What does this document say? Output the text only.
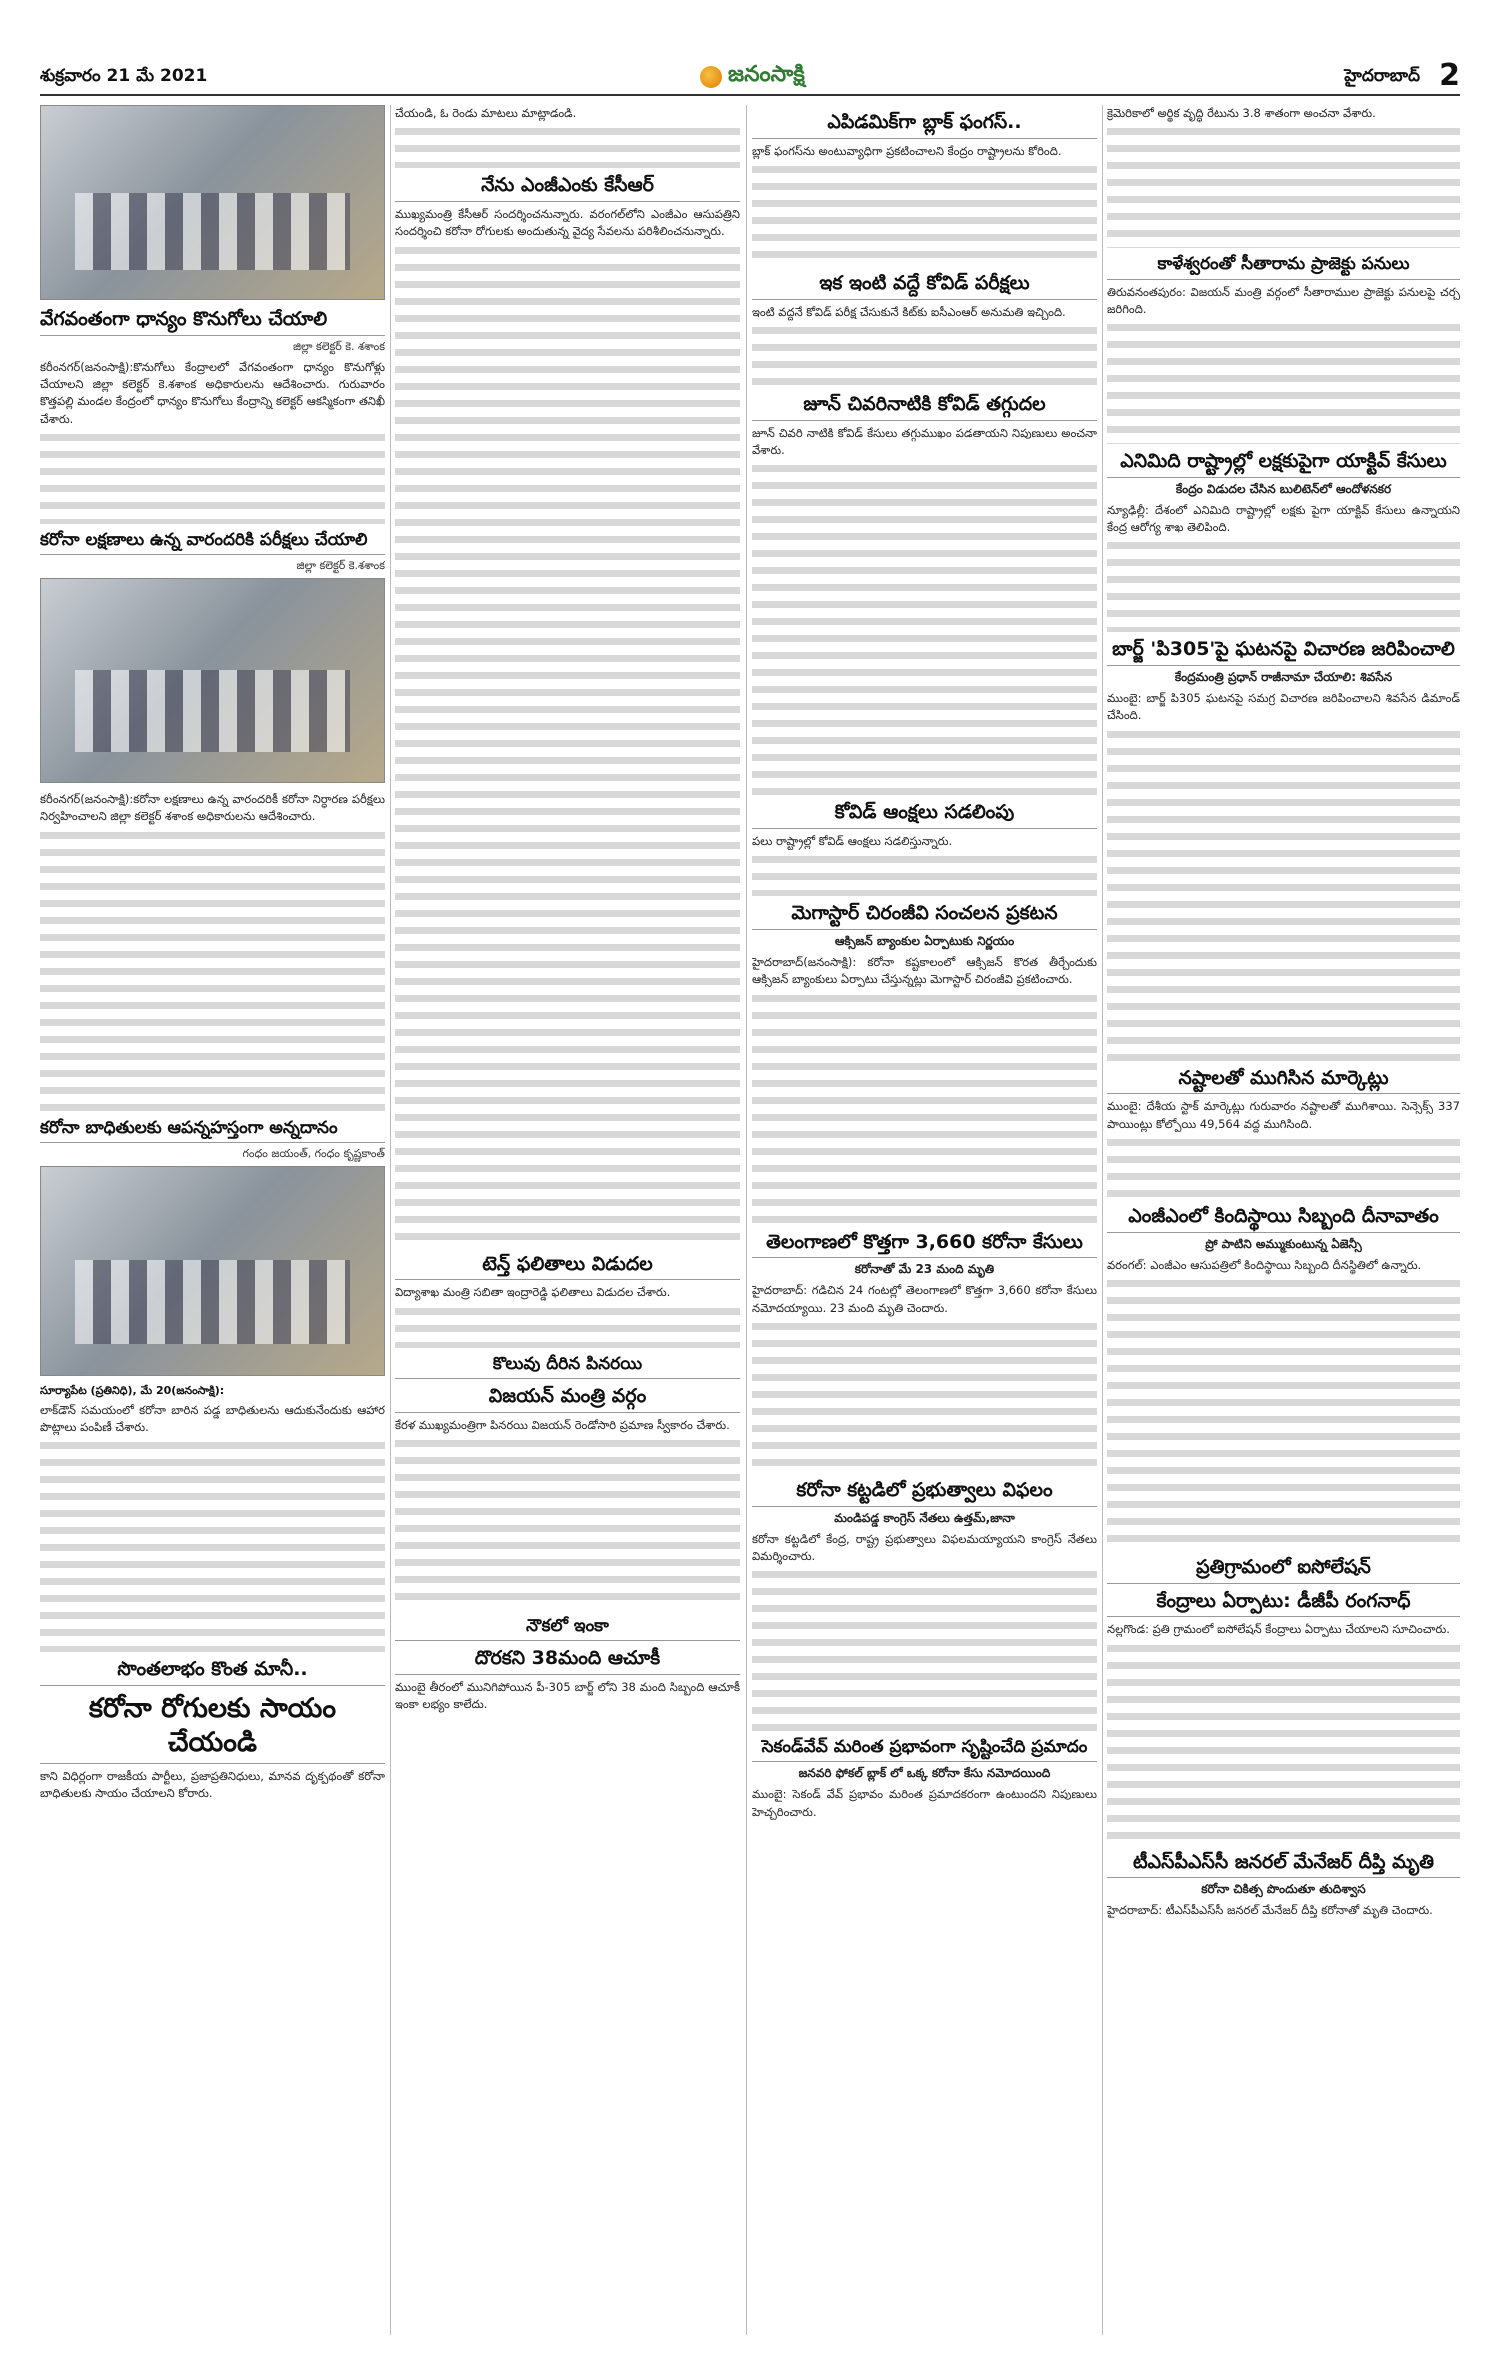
శుక్రవారం 21 మే 2021	జనంసాక్షి	హైదరాబాద్ 2
వేగవంతంగా ధాన్యం కొనుగోలు చేయాలి
జిల్లా కలెక్టర్ కె. శశాంక
కరీంనగర్(జనంసాక్షి):కొనుగోలు కేంద్రాలలో వేగవంతంగా ధాన్యం కొనుగోళ్లు చేయాలని జిల్లా కలెక్టర్ కె.శశాంక అధికారులను ఆదేశించారు. గురువారం కొత్తపల్లి మండల కేంద్రంలో ధాన్యం కొనుగోలు కేంద్రాన్ని కలెక్టర్ ఆకస్మికంగా తనిఖీ చేశారు.
కరోనా లక్షణాలు ఉన్న వారందరికి పరీక్షలు చేయాలి
జిల్లా కలెక్టర్ కె.శశాంక
కరీంనగర్(జనంసాక్షి):కరోనా లక్షణాలు ఉన్న వారందరికీ కరోనా నిర్ధారణ పరీక్షలు నిర్వహించాలని జిల్లా కలెక్టర్ శశాంక అధికారులను ఆదేశించారు.
కరోనా బాధితులకు ఆపన్నహస్తంగా అన్నదానం
గంధం జయంత్, గంధం కృష్ణకాంత్
సూర్యాపేట (ప్రతినిధి), మే 20(జనంసాక్షి):
లాక్‌డౌన్ సమయంలో కరోనా బారిన పడ్డ బాధితులను ఆదుకునేందుకు ఆహార పొట్లాలు పంపిణీ చేశారు.
సొంతలాభం కొంత మానీ..
కరోనా రోగులకు సాయం చేయండి
కాని విధిర్లంగా రాజకీయ పార్టీలు, ప్రజాప్రతినిధులు, మానవ దృక్పథంతో కరోనా బాధితులకు సాయం చేయాలని కోరారు.
చేయండి, ఓ రెండు మాటలు మాట్లాడండి.
నేను ఎంజీఎంకు కేసీఆర్
ముఖ్యమంత్రి కేసీఆర్ సందర్శించనున్నారు. వరంగల్‌లోని ఎంజీఎం ఆసుపత్రిని సందర్శించి కరోనా రోగులకు అందుతున్న వైద్య సేవలను పరిశీలించనున్నారు.
టెన్త్ ఫలితాలు విడుదల
విద్యాశాఖ మంత్రి సబితా ఇంద్రారెడ్డి ఫలితాలు విడుదల చేశారు.
కొలువు దీరిన పినరయి
విజయన్ మంత్రి వర్గం
కేరళ ముఖ్యమంత్రిగా పినరయి విజయన్ రెండోసారి ప్రమాణ స్వీకారం చేశారు.
నౌకలో ఇంకా
దొరకని 38మంది ఆచూకీ
ముంబై తీరంలో మునిగిపోయిన పీ-305 బార్జ్ లోని 38 మంది సిబ్బంది ఆచూకీ ఇంకా లభ్యం కాలేదు.
ఎపిడమిక్‌గా బ్లాక్ ఫంగస్..
బ్లాక్ ఫంగస్‌ను అంటువ్యాధిగా ప్రకటించాలని కేంద్రం రాష్ట్రాలను కోరింది.
ఇక ఇంటి వద్దే కోవిడ్ పరీక్షలు
ఇంటి వద్దనే కోవిడ్ పరీక్ష చేసుకునే కిట్‌కు ఐసీఎంఆర్ అనుమతి ఇచ్చింది.
జూన్ చివరినాటికి కోవిడ్ తగ్గుదల
జూన్ చివరి నాటికి కోవిడ్ కేసులు తగ్గుముఖం పడతాయని నిపుణులు అంచనా వేశారు.
కోవిడ్ ఆంక్షలు సడలింపు
పలు రాష్ట్రాల్లో కోవిడ్ ఆంక్షలు సడలిస్తున్నారు.
మెగాస్టార్ చిరంజీవి సంచలన ప్రకటన
ఆక్సిజన్ బ్యాంకుల ఏర్పాటుకు నిర్ణయం
హైదరాబాద్(జనంసాక్షి): కరోనా కష్టకాలంలో ఆక్సిజన్ కొరత తీర్చేందుకు ఆక్సిజన్ బ్యాంకులు ఏర్పాటు చేస్తున్నట్లు మెగాస్టార్ చిరంజీవి ప్రకటించారు.
తెలంగాణలో కొత్తగా 3,660 కరోనా కేసులు
కరోనాతో మే 23 మంది మృతి
హైదరాబాద్: గడిచిన 24 గంటల్లో తెలంగాణలో కొత్తగా 3,660 కరోనా కేసులు నమోదయ్యాయి. 23 మంది మృతి చెందారు.
కరోనా కట్టడిలో ప్రభుత్వాలు విఫలం
మండిపడ్డ కాంగ్రెస్ నేతలు ఉత్తమ్,జానా
కరోనా కట్టడిలో కేంద్ర, రాష్ట్ర ప్రభుత్వాలు విఫలమయ్యాయని కాంగ్రెస్ నేతలు విమర్శించారు.
సెకండ్‌వేవ్ మరింత ప్రభావంగా సృష్టించేది ప్రమాదం
జనవరి ఫోకల్ బ్లాక్ లో ఒక్క కరోనా కేసు నమోదయింది
ముంబై: సెకండ్ వేవ్ ప్రభావం మరింత ప్రమాదకరంగా ఉంటుందని నిపుణులు హెచ్చరించారు.
క్రెమెరికాలో అర్థిక వృద్ధి రేటును 3.8 శాతంగా అంచనా వేశారు.
కాళేశ్వరంతో సీతారామ ప్రాజెక్టు పనులు
తిరువనంతపురం: విజయన్ మంత్రి వర్గంలో సీతారాముల ప్రాజెక్టు పనులపై చర్చ జరిగింది.
ఎనిమిది రాష్ట్రాల్లో లక్షకుపైగా యాక్టివ్ కేసులు
కేంద్రం విడుదల చేసిన బులిటెన్‌లో ఆందోళనకర
న్యూఢిల్లీ: దేశంలో ఎనిమిది రాష్ట్రాల్లో లక్షకు పైగా యాక్టివ్ కేసులు ఉన్నాయని కేంద్ర ఆరోగ్య శాఖ తెలిపింది.
బార్జ్ 'పి305'పై ఘటనపై విచారణ జరిపించాలి
కేంద్రమంత్రి ప్రధాన్ రాజీనామా చేయాలి: శివసేన
ముంబై: బార్జ్ పి305 ఘటనపై సమగ్ర విచారణ జరిపించాలని శివసేన డిమాండ్ చేసింది.
నష్టాలతో ముగిసిన మార్కెట్లు
ముంబై: దేశీయ స్టాక్ మార్కెట్లు గురువారం నష్టాలతో ముగిశాయి. సెన్సెక్స్ 337 పాయింట్లు కోల్పోయి 49,564 వద్ద ముగిసింది.
ఎంజీఎంలో కిందిస్థాయి సిబ్బంది దీనావాతం
ప్రో పాటిని అమ్ముకుంటున్న ఏజెన్సీ
వరంగల్: ఎంజీఎం ఆసుపత్రిలో కిందిస్థాయి సిబ్బంది దీనస్థితిలో ఉన్నారు.
ప్రతిగ్రామంలో ఐసోలేషన్
కేంద్రాలు ఏర్పాటు: డీజీపీ రంగనాధ్
నల్లగొండ: ప్రతి గ్రామంలో ఐసోలేషన్ కేంద్రాలు ఏర్పాటు చేయాలని సూచించారు.
టీఎస్‌పీఎస్‌సీ జనరల్ మేనేజర్ దీప్తి మృతి
కరోనా చికిత్స పొందుతూ తుదిశ్వాస
హైదరాబాద్: టీఎస్‌పీఎస్‌సీ జనరల్ మేనేజర్ దీప్తి కరోనాతో మృతి చెందారు.
